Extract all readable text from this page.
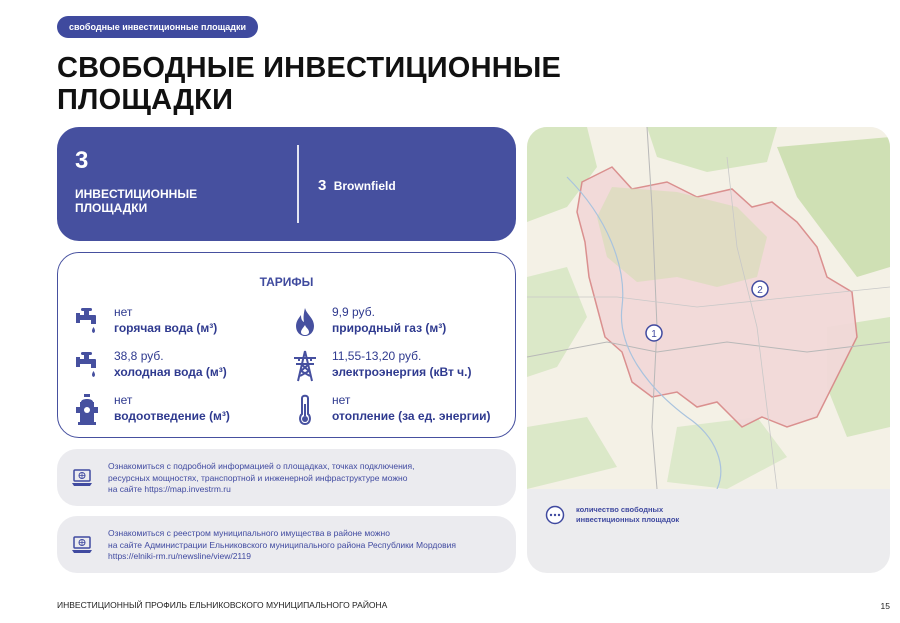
свободные инвестиционные площадки
СВОБОДНЫЕ ИНВЕСТИЦИОННЫЕ ПЛОЩАДКИ
3
ИНВЕСТИЦИОННЫЕ ПЛОЩАДКИ
3 Brownfield
ТАРИФЫ
нет
горячая вода (м³)
9,9 руб.
природный газ (м³)
38,8 руб.
холодная вода (м³)
11,55-13,20 руб.
электроэнергия (кВт ч.)
нет
водоотведение (м³)
нет
отопление (за ед. энергии)
Ознакомиться с подробной информацией о площадках, точках подключения,
ресурсных мощностях, транспортной и инженерной инфраструктуре можно
на сайте https://map.investrm.ru
Ознакомиться с реестром муниципального имущества в районе можно
на сайте Администрации Ельниковского муниципального района Республики Мордовия
https://elniki-rm.ru/newsline/view/2119
1
2
количество свободных инвестиционных площадок
ИНВЕСТИЦИОННЫЙ ПРОФИЛЬ ЕЛЬНИКОВСКОГО МУНИЦИПАЛЬНОГО РАЙОНА	15
